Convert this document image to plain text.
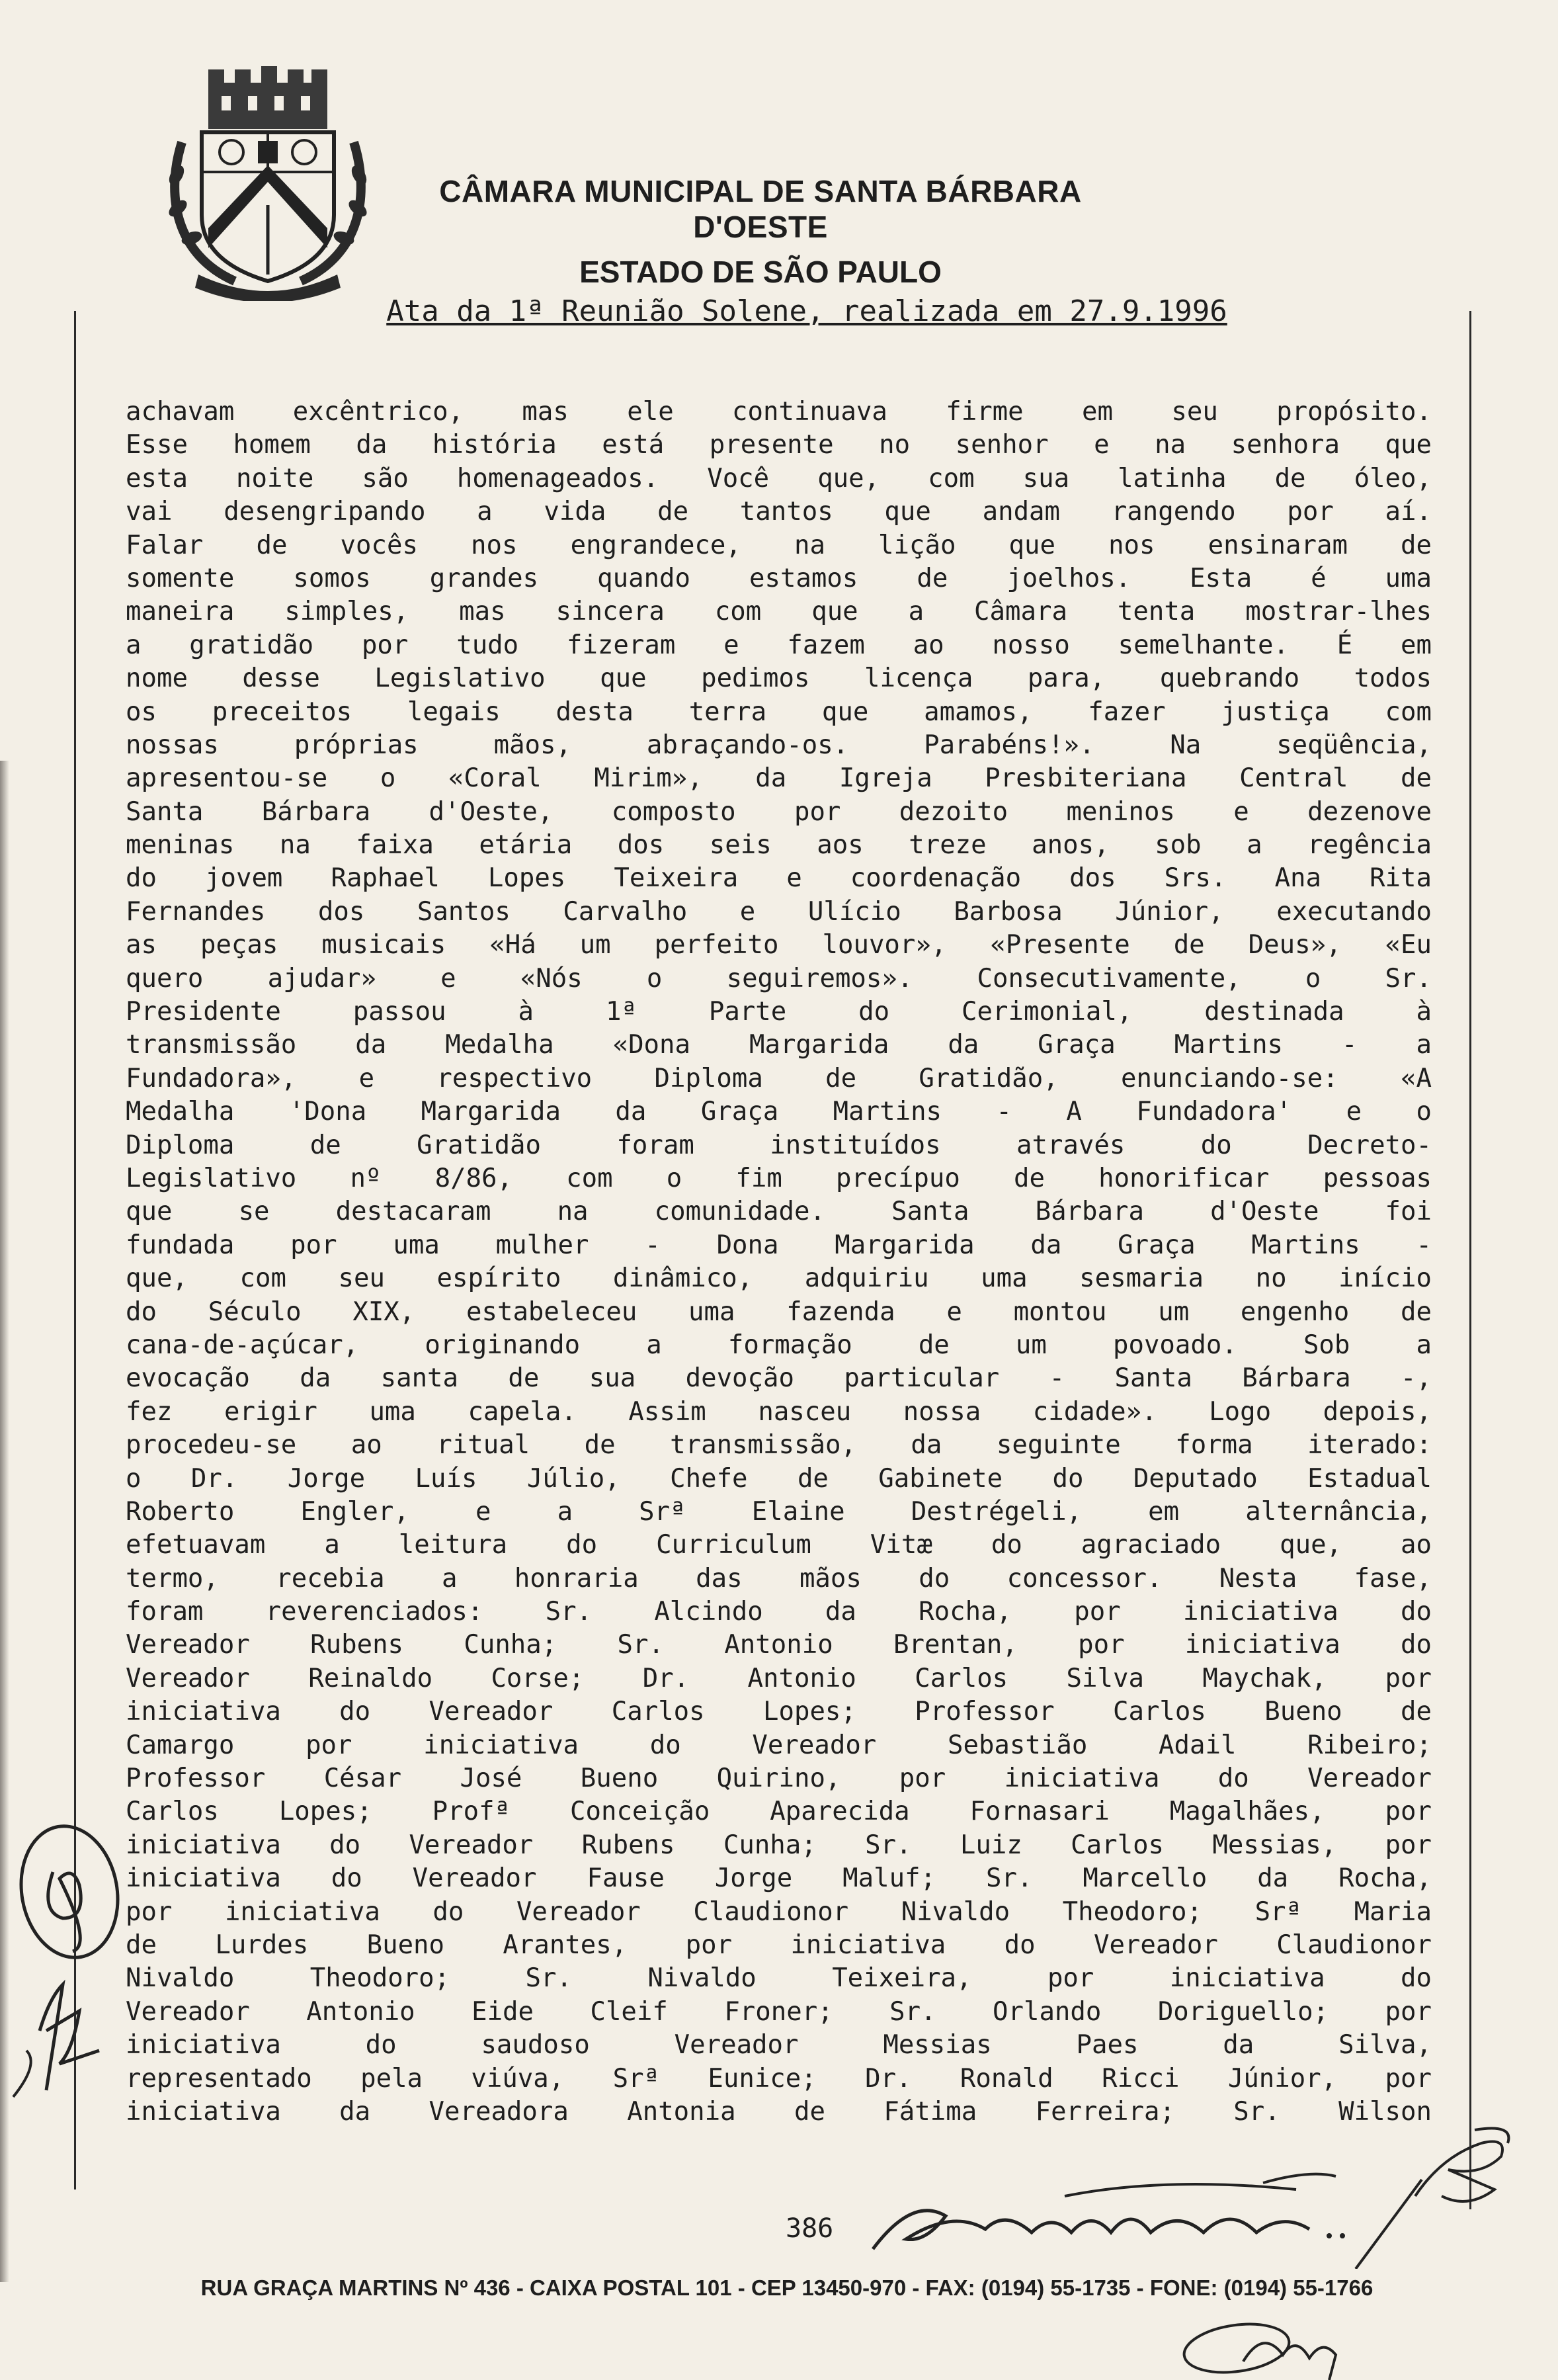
CÂMARA MUNICIPAL DE SANTA BÁRBARA D'OESTE
ESTADO DE SÃO PAULO
Ata da 1ª Reunião Solene, realizada em 27.9.1996
achavam excêntrico, mas ele continuava firme em seu propósito.
Esse homem da história está presente no senhor e na senhora que
esta noite são homenageados. Você que, com sua latinha de óleo,
vai desengripando a vida de tantos que andam rangendo por aí.
Falar de vocês nos engrandece, na lição que nos ensinaram de
somente somos grandes quando estamos de joelhos. Esta é uma
maneira simples, mas sincera com que a Câmara tenta mostrar-lhes
a gratidão por tudo fizeram e fazem ao nosso semelhante. É em
nome desse Legislativo que pedimos licença para, quebrando todos
os preceitos legais desta terra que amamos, fazer justiça com
nossas próprias mãos, abraçando-os. Parabéns!». Na seqüência,
apresentou-se o «Coral Mirim», da Igreja Presbiteriana Central de
Santa Bárbara d'Oeste, composto por dezoito meninos e dezenove
meninas na faixa etária dos seis aos treze anos, sob a regência
do jovem Raphael Lopes Teixeira e coordenação dos Srs. Ana Rita
Fernandes dos Santos Carvalho e Ulício Barbosa Júnior, executando
as peças musicais «Há um perfeito louvor», «Presente de Deus», «Eu
quero ajudar» e «Nós o seguiremos». Consecutivamente, o Sr.
Presidente passou à 1ª Parte do Cerimonial, destinada à
transmissão da Medalha «Dona Margarida da Graça Martins - a
Fundadora», e respectivo Diploma de Gratidão, enunciando-se: «A
Medalha 'Dona Margarida da Graça Martins - A Fundadora' e o
Diploma de Gratidão foram instituídos através do Decreto-
Legislativo nº 8/86, com o fim precípuo de honorificar pessoas
que se destacaram na comunidade. Santa Bárbara d'Oeste foi
fundada por uma mulher - Dona Margarida da Graça Martins -
que, com seu espírito dinâmico, adquiriu uma sesmaria no início
do Século XIX, estabeleceu uma fazenda e montou um engenho de
cana-de-açúcar, originando a formação de um povoado. Sob a
evocação da santa de sua devoção particular - Santa Bárbara -,
fez erigir uma capela. Assim nasceu nossa cidade». Logo depois,
procedeu-se ao ritual de transmissão, da seguinte forma iterado:
o Dr. Jorge Luís Júlio, Chefe de Gabinete do Deputado Estadual
Roberto Engler, e a Srª Elaine Destrégeli, em alternância,
efetuavam a leitura do Curriculum Vitæ do agraciado que, ao
termo, recebia a honraria das mãos do concessor. Nesta fase,
foram reverenciados: Sr. Alcindo da Rocha, por iniciativa do
Vereador Rubens Cunha; Sr. Antonio Brentan, por iniciativa do
Vereador Reinaldo Corse; Dr. Antonio Carlos Silva Maychak, por
iniciativa do Vereador Carlos Lopes; Professor Carlos Bueno de
Camargo por iniciativa do Vereador Sebastião Adail Ribeiro;
Professor César José Bueno Quirino, por iniciativa do Vereador
Carlos Lopes; Profª Conceição Aparecida Fornasari Magalhães, por
iniciativa do Vereador Rubens Cunha; Sr. Luiz Carlos Messias, por
iniciativa do Vereador Fause Jorge Maluf; Sr. Marcello da Rocha,
por iniciativa do Vereador Claudionor Nivaldo Theodoro; Srª Maria
de Lurdes Bueno Arantes, por iniciativa do Vereador Claudionor
Nivaldo Theodoro; Sr. Nivaldo Teixeira, por iniciativa do
Vereador Antonio Eide Cleif Froner; Sr. Orlando Doriguello; por
iniciativa do saudoso Vereador Messias Paes da Silva,
representado pela viúva, Srª Eunice; Dr. Ronald Ricci Júnior, por
iniciativa da Vereadora Antonia de Fátima Ferreira; Sr. Wilson
386
RUA GRAÇA MARTINS Nº 436 - CAIXA POSTAL 101 - CEP 13450-970 - FAX: (0194) 55-1735 - FONE: (0194) 55-1766
